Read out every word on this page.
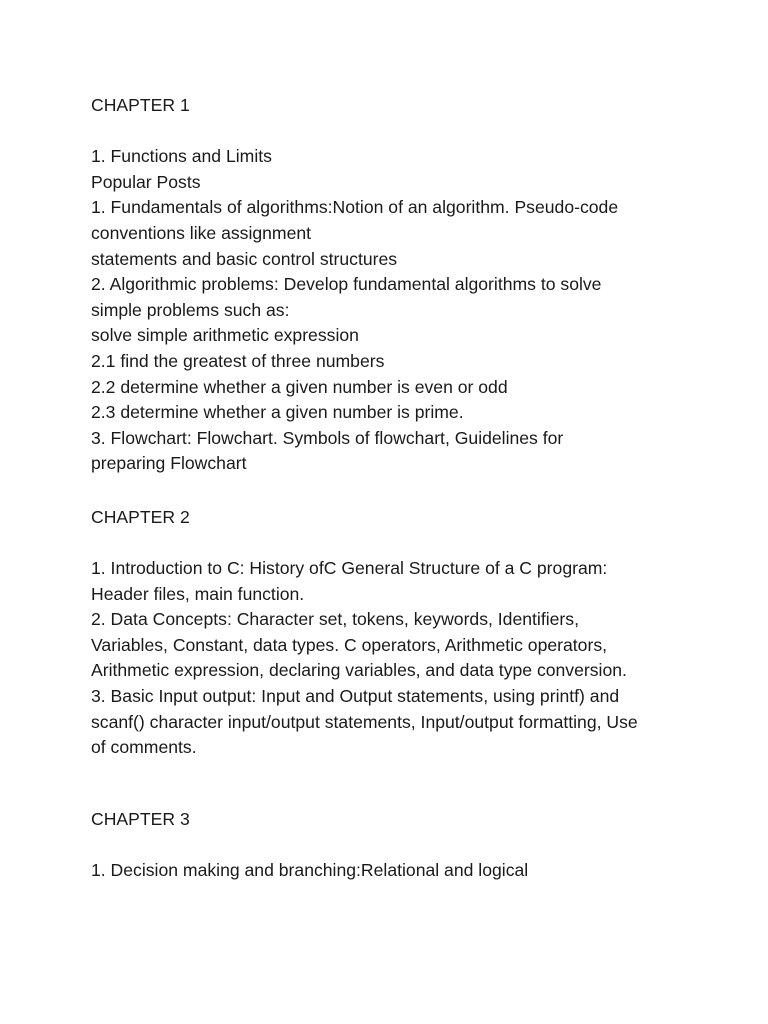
CHAPTER 1

1. Functions and Limits

Popular Posts

1. Fundamentals of algorithms:Notion of an algorithm. Pseudo-code

conventions like assignment

statements and basic control structures

2. Algorithmic problems: Develop fundamental algorithms to solve

simple problems such as:

solve simple arithmetic expression

2.1 find the greatest of three numbers

2.2 determine whether a given number is even or odd

2.3 determine whether a given number is prime.

3. Flowchart: Flowchart. Symbols of flowchart, Guidelines for

preparing Flowchart

CHAPTER 2

1. Introduction to C: History ofC General Structure of a C program:

Header files, main function.

2. Data Concepts: Character set, tokens, keywords, Identifiers,

Variables, Constant, data types. C operators, Arithmetic operators,

Arithmetic expression, declaring variables, and data type conversion.

3. Basic Input output: Input and Output statements, using printf) and

scanf() character input/output statements, Input/output formatting, Use

of comments.

CHAPTER 3

1. Decision making and branching:Relational and logical
